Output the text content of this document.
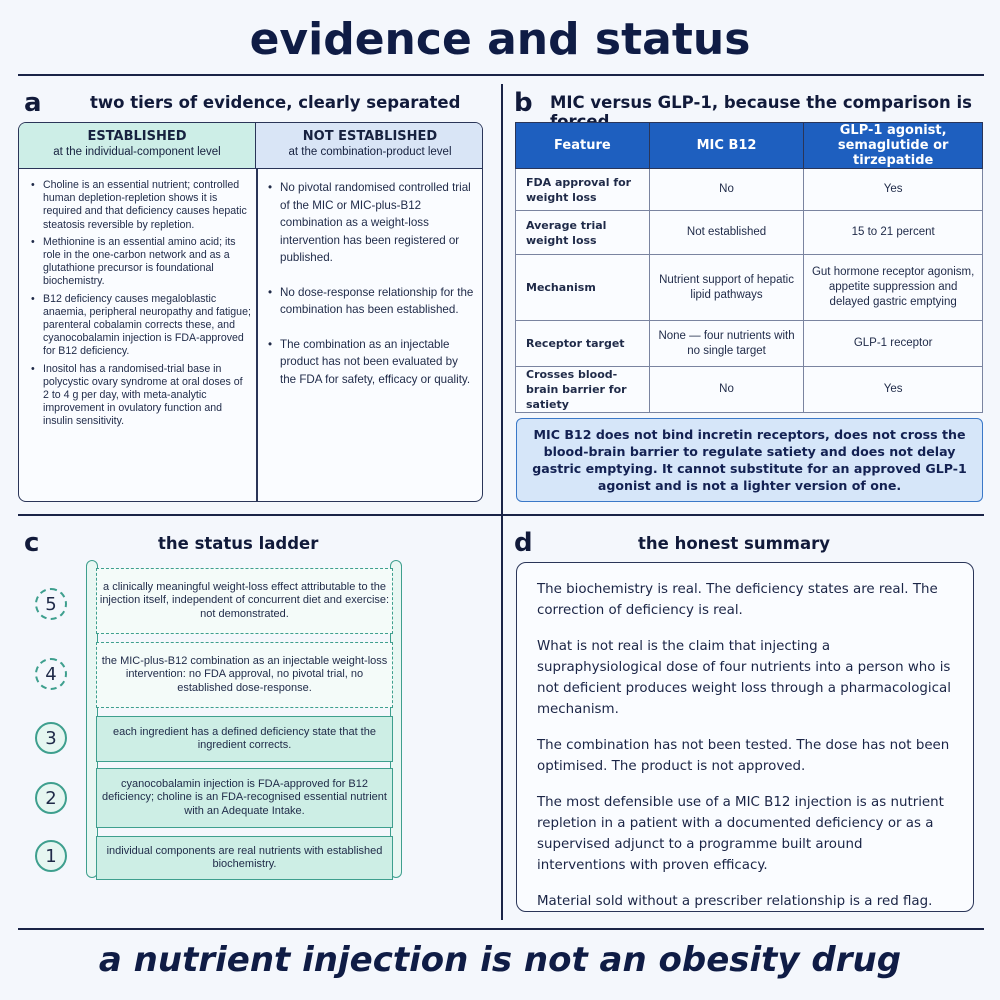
evidence and status
a	two tiers of evidence, clearly separated
ESTABLISHED
at the individual-component level
NOT ESTABLISHED
at the combination-product level
• Choline is an essential nutrient; controlled human depletion-repletion shows it is required and that deficiency causes hepatic steatosis reversible by repletion.
• Methionine is an essential amino acid; its role in the one-carbon network and as a glutathione precursor is foundational biochemistry.
• B12 deficiency causes megaloblastic anaemia, peripheral neuropathy and fatigue; parenteral cobalamin corrects these, and cyanocobalamin injection is FDA-approved for B12 deficiency.
• Inositol has a randomised-trial base in polycystic ovary syndrome at oral doses of 2 to 4 g per day, with meta-analytic improvement in ovulatory function and insulin sensitivity.
• No pivotal randomised controlled trial of the MIC or MIC-plus-B12 combination as a weight-loss intervention has been registered or published.
• No dose-response relationship for the combination has been established.
• The combination as an injectable product has not been evaluated by the FDA for safety, efficacy or quality.
b MIC versus GLP-1, because the comparison is
Feature	MIC B12	GLP-1 agonist, semaglutide or tirzepatide
FDA approval for weight loss	No	Yes
Average trial weight loss	Not established	15 to 21 percent
Mechanism	Nutrient support of hepatic lipid pathways	Gut hormone receptor agonism, appetite suppression and delayed gastric emptying
Receptor target	None — four nutrients with no single target	GLP-1 receptor
Crosses blood-brain barrier for satiety	No	Yes
MIC B12 does not bind incretin receptors, does not cross the blood-brain barrier to regulate satiety and does not delay gastric emptying. It cannot substitute for an approved GLP-1 agonist and is not a lighter version of one.
c	the status ladder
5
a clinically meaningful weight-loss effect attributable to the injection itself, independent of concurrent diet and exercise: not demonstrated.
4
the MIC-plus-B12 combination as an injectable weight-loss intervention: no FDA approval, no pivotal trial, no established dose-response.
3	each ingredient has a defined deficiency state that the ingredient corrects.
2
cyanocobalamin injection is FDA-approved for B12 deficiency; choline is an FDA-recognised essential nutrient with an Adequate Intake.
1	individual components are real nutrients with established biochemistry.
d	the honest summary

The biochemistry is real. The deficiency states are real. The correction of deficiency is real.

What is not real is the claim that injecting a supraphysiological dose of four nutrients into a person who is not deficient produces weight loss through a pharmacological mechanism.

The combination has not been tested. The dose has not been optimised. The product is not approved.

The most defensible use of a MIC B12 injection is as nutrient repletion in a patient with a documented deficiency or as a supervised adjunct to a programme built around interventions with proven efficacy.

Material sold without a prescriber relationship is a red flag.

a nutrient injection is not an obesity drug
